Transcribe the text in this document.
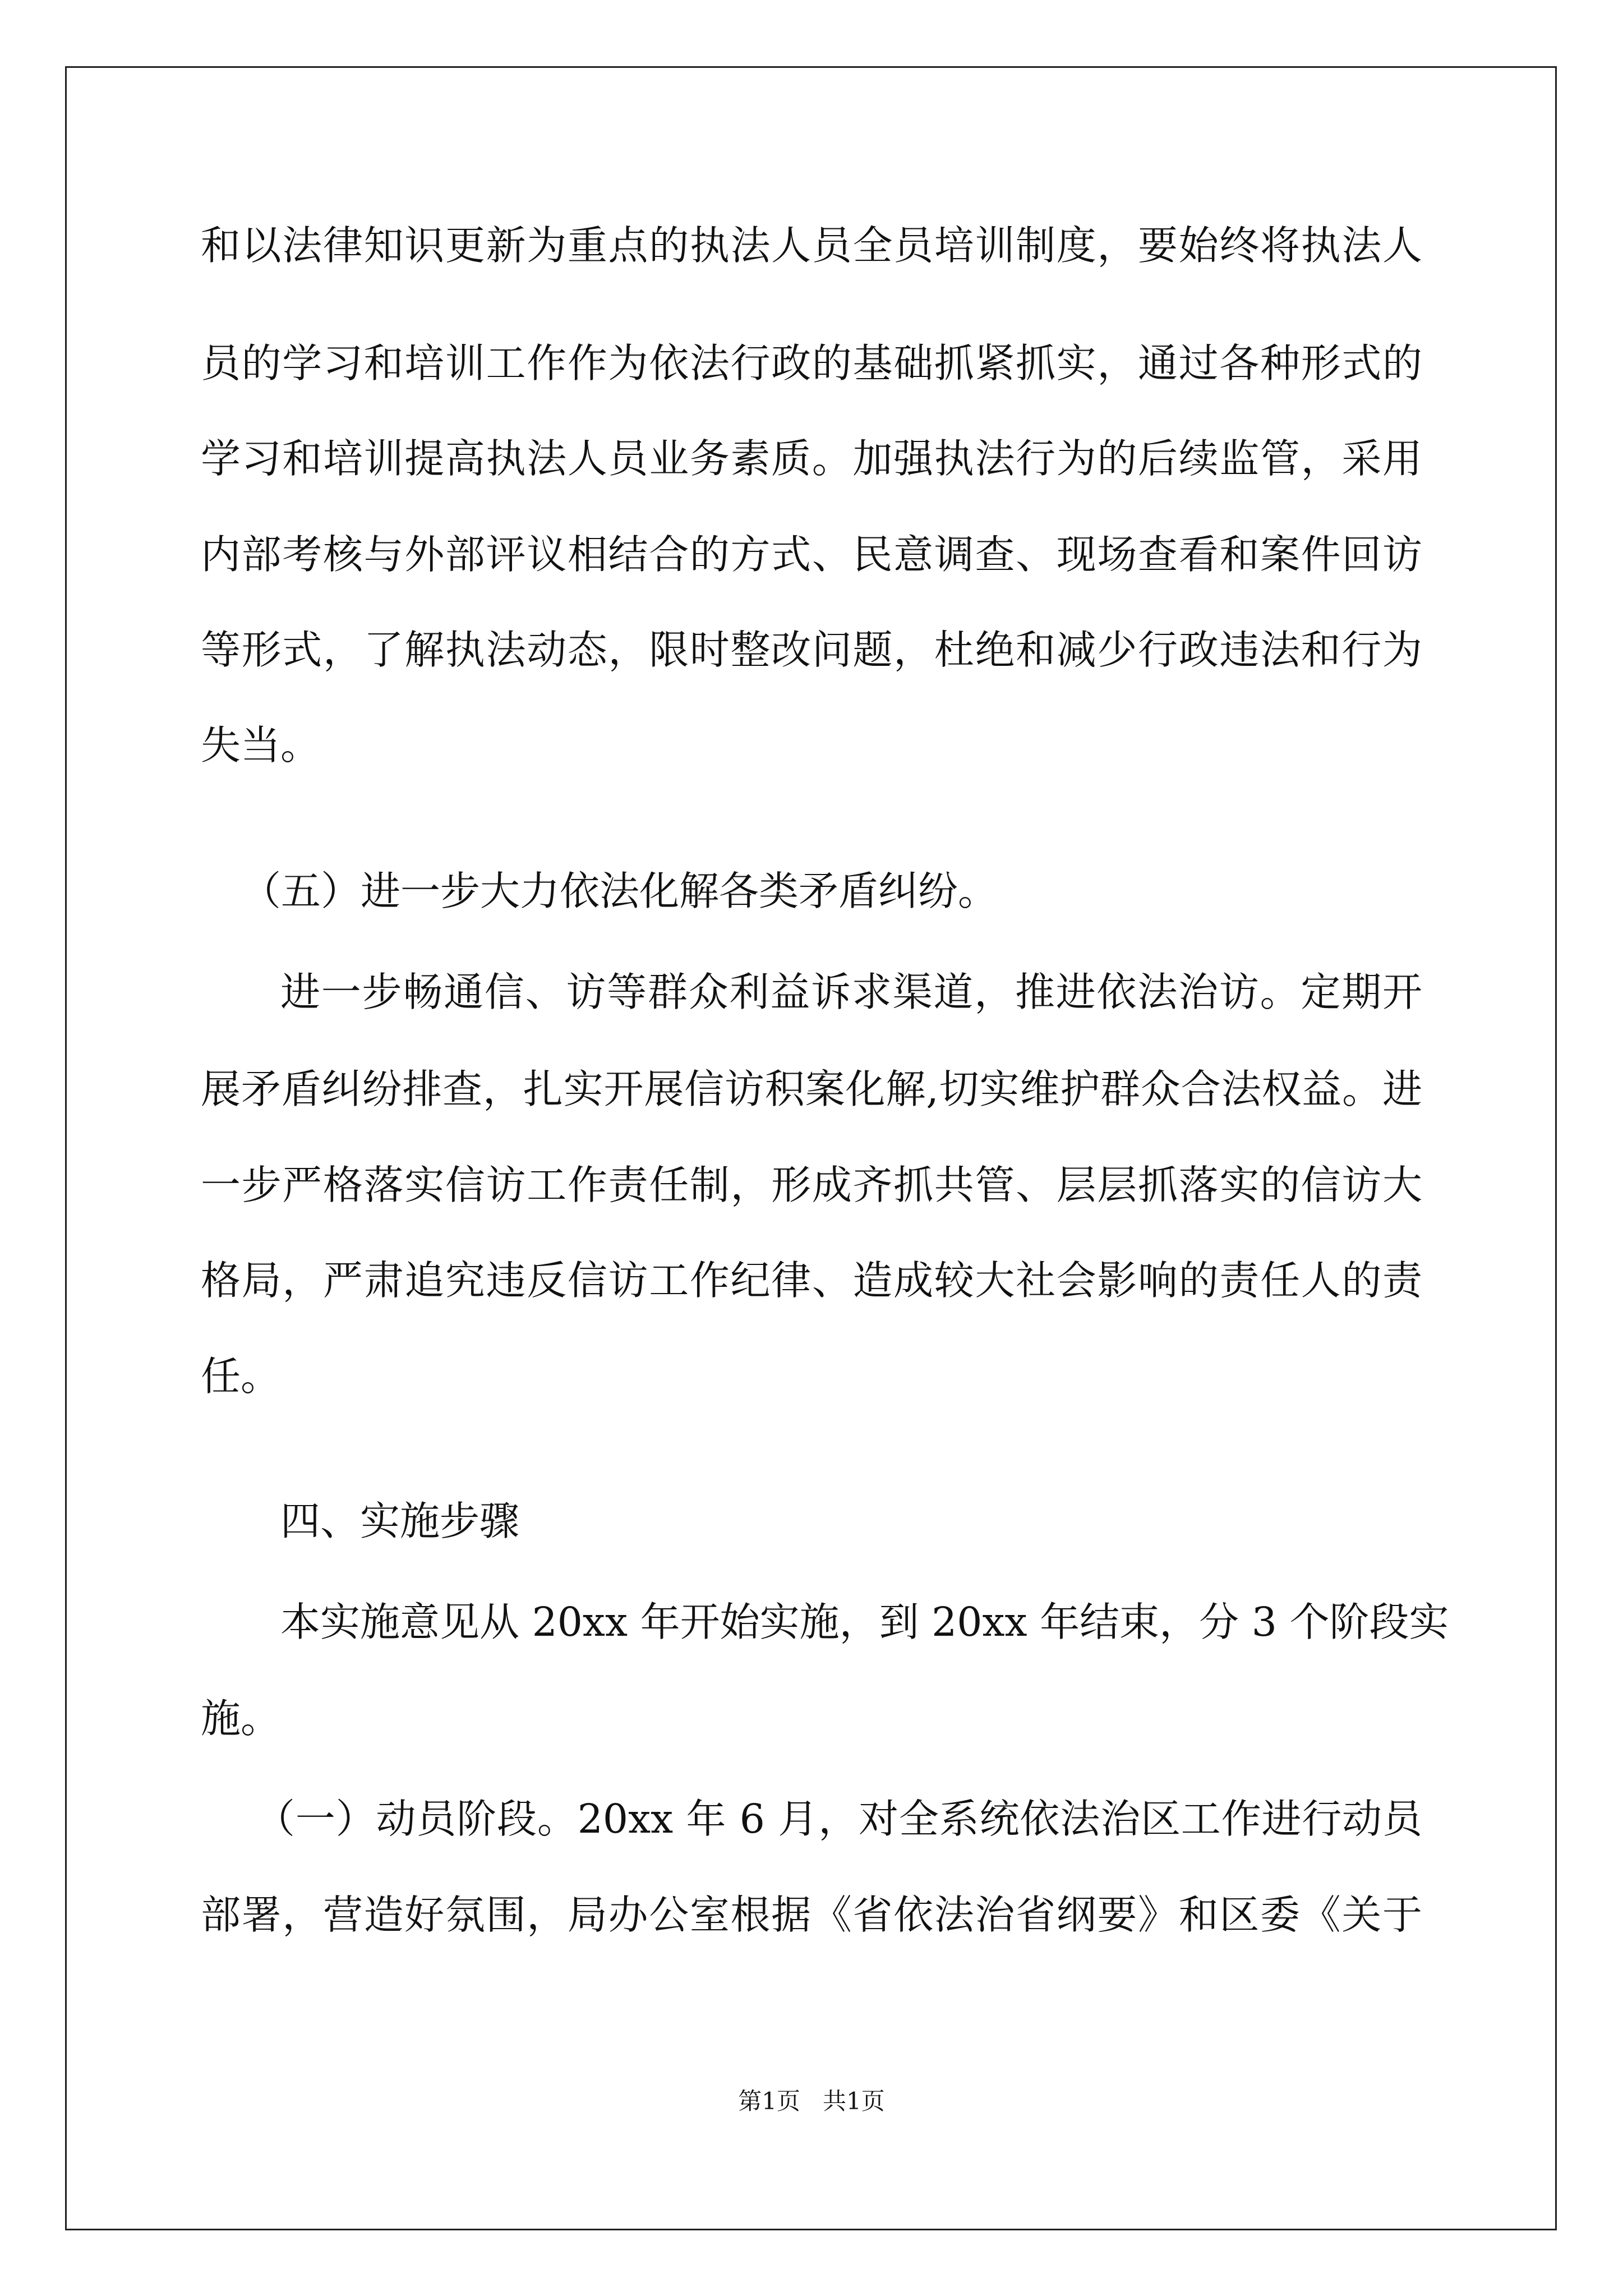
和以法律知识更新为重点的执法人员全员培训制度，要始终将执法人
员的学习和培训工作作为依法行政的基础抓紧抓实，通过各种形式的
学习和培训提高执法人员业务素质。加强执法行为的后续监管，采用
内部考核与外部评议相结合的方式、民意调查、现场查看和案件回访
等形式，了解执法动态，限时整改问题，杜绝和减少行政违法和行为
失当。
（五）进一步大力依法化解各类矛盾纠纷。
进一步畅通信、访等群众利益诉求渠道，推进依法治访。定期开
展矛盾纠纷排查，扎实开展信访积案化解,切实维护群众合法权益。进
一步严格落实信访工作责任制，形成齐抓共管、层层抓落实的信访大
格局，严肃追究违反信访工作纪律、造成较大社会影响的责任人的责
任。
四、实施步骤
本实施意见从 20xx 年开始实施，到 20xx 年结束，分 3 个阶段实
施。
（一）动员阶段。20xx 年 6 月，对全系统依法治区工作进行动员
部署，营造好氛围，局办公室根据《省依法治省纲要》和区委《关于
第1页   共1页
